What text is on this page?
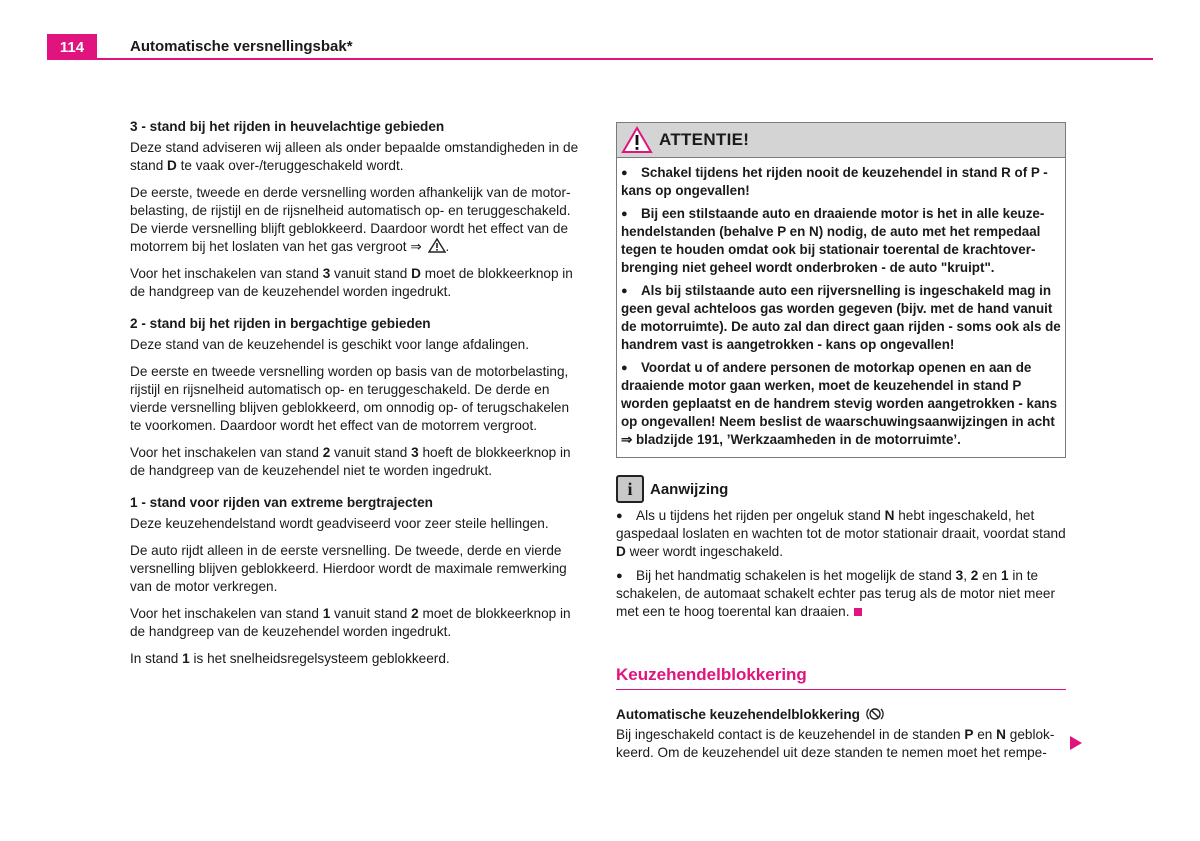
114	Automatische versnellingsbak*

3 - stand bij het rijden in heuvelachtige gebieden

Deze stand adviseren wij alleen als onder bepaalde omstandigheden in de stand D te vaak over-/teruggeschakeld wordt.

De eerste, tweede en derde versnelling worden afhankelijk van de motor-belasting, de rijstijl en de rijsnelheid automatisch op- en teruggeschakeld. De vierde versnelling blijft geblokkeerd. Daardoor wordt het effect van de motorrem bij het loslaten van het gas vergroot ⇒ .

Voor het inschakelen van stand 3 vanuit stand D moet de blokkeerknop in de handgreep van de keuzehendel worden ingedrukt.

2 - stand bij het rijden in bergachtige gebieden

Deze stand van de keuzehendel is geschikt voor lange afdalingen.

De eerste en tweede versnelling worden op basis van de motorbelasting, rijstijl en rijsnelheid automatisch op- en teruggeschakeld. De derde en vierde versnelling blijven geblokkeerd, om onnodig op- of terugschakelen te voorkomen. Daardoor wordt het effect van de motorrem vergroot.

Voor het inschakelen van stand 2 vanuit stand 3 hoeft de blokkeerknop in de handgreep van de keuzehendel niet te worden ingedrukt.

1 - stand voor rijden van extreme bergtrajecten

Deze keuzehendelstand wordt geadviseerd voor zeer steile hellingen.

De auto rijdt alleen in de eerste versnelling. De tweede, derde en vierde versnelling blijven geblokkeerd. Hierdoor wordt de maximale remwerking van de motor verkregen.

Voor het inschakelen van stand 1 vanuit stand 2 moet de blokkeerknop in de handgreep van de keuzehendel worden ingedrukt.

In stand 1 is het snelheidsregelsysteem geblokkeerd.

ATTENTIE!

● Schakel tijdens het rijden nooit de keuzehendel in stand R of P - kans op ongevallen!

● Bij een stilstaande auto en draaiende motor is het in alle keuze-hendelstanden (behalve P en N) nodig, de auto met het rempedaal tegen te houden omdat ook bij stationair toerental de krachtover-brenging niet geheel wordt onderbroken - de auto "kruipt".

● Als bij stilstaande auto een rijversnelling is ingeschakeld mag in geen geval achteloos gas worden gegeven (bijv. met de hand vanuit de motorruimte). De auto zal dan direct gaan rijden - soms ook als de handrem vast is aangetrokken - kans op ongevallen!

● Voordat u of andere personen de motorkap openen en aan de draaiende motor gaan werken, moet de keuzehendel in stand P worden geplaatst en de handrem stevig worden aangetrokken - kans op ongevallen! Neem beslist de waarschuwingsaanwijzingen in acht ⇒ bladzijde 191, ’Werkzaamheden in de motorruimte’.

i	Aanwijzing

● Als u tijdens het rijden per ongeluk stand N hebt ingeschakeld, het gaspedaal loslaten en wachten tot de motor stationair draait, voordat stand D weer wordt ingeschakeld.

● Bij het handmatig schakelen is het mogelijk de stand 3, 2 en 1 in te schakelen, de automaat schakelt echter pas terug als de motor niet meer met een te hoog toerental kan draaien.

Keuzehendelblokkering
Automatische keuzehendelblokkering

Bij ingeschakeld contact is de keuzehendel in de standen P en N geblok-keerd. Om de keuzehendel uit deze standen te nemen moet het rempe-
